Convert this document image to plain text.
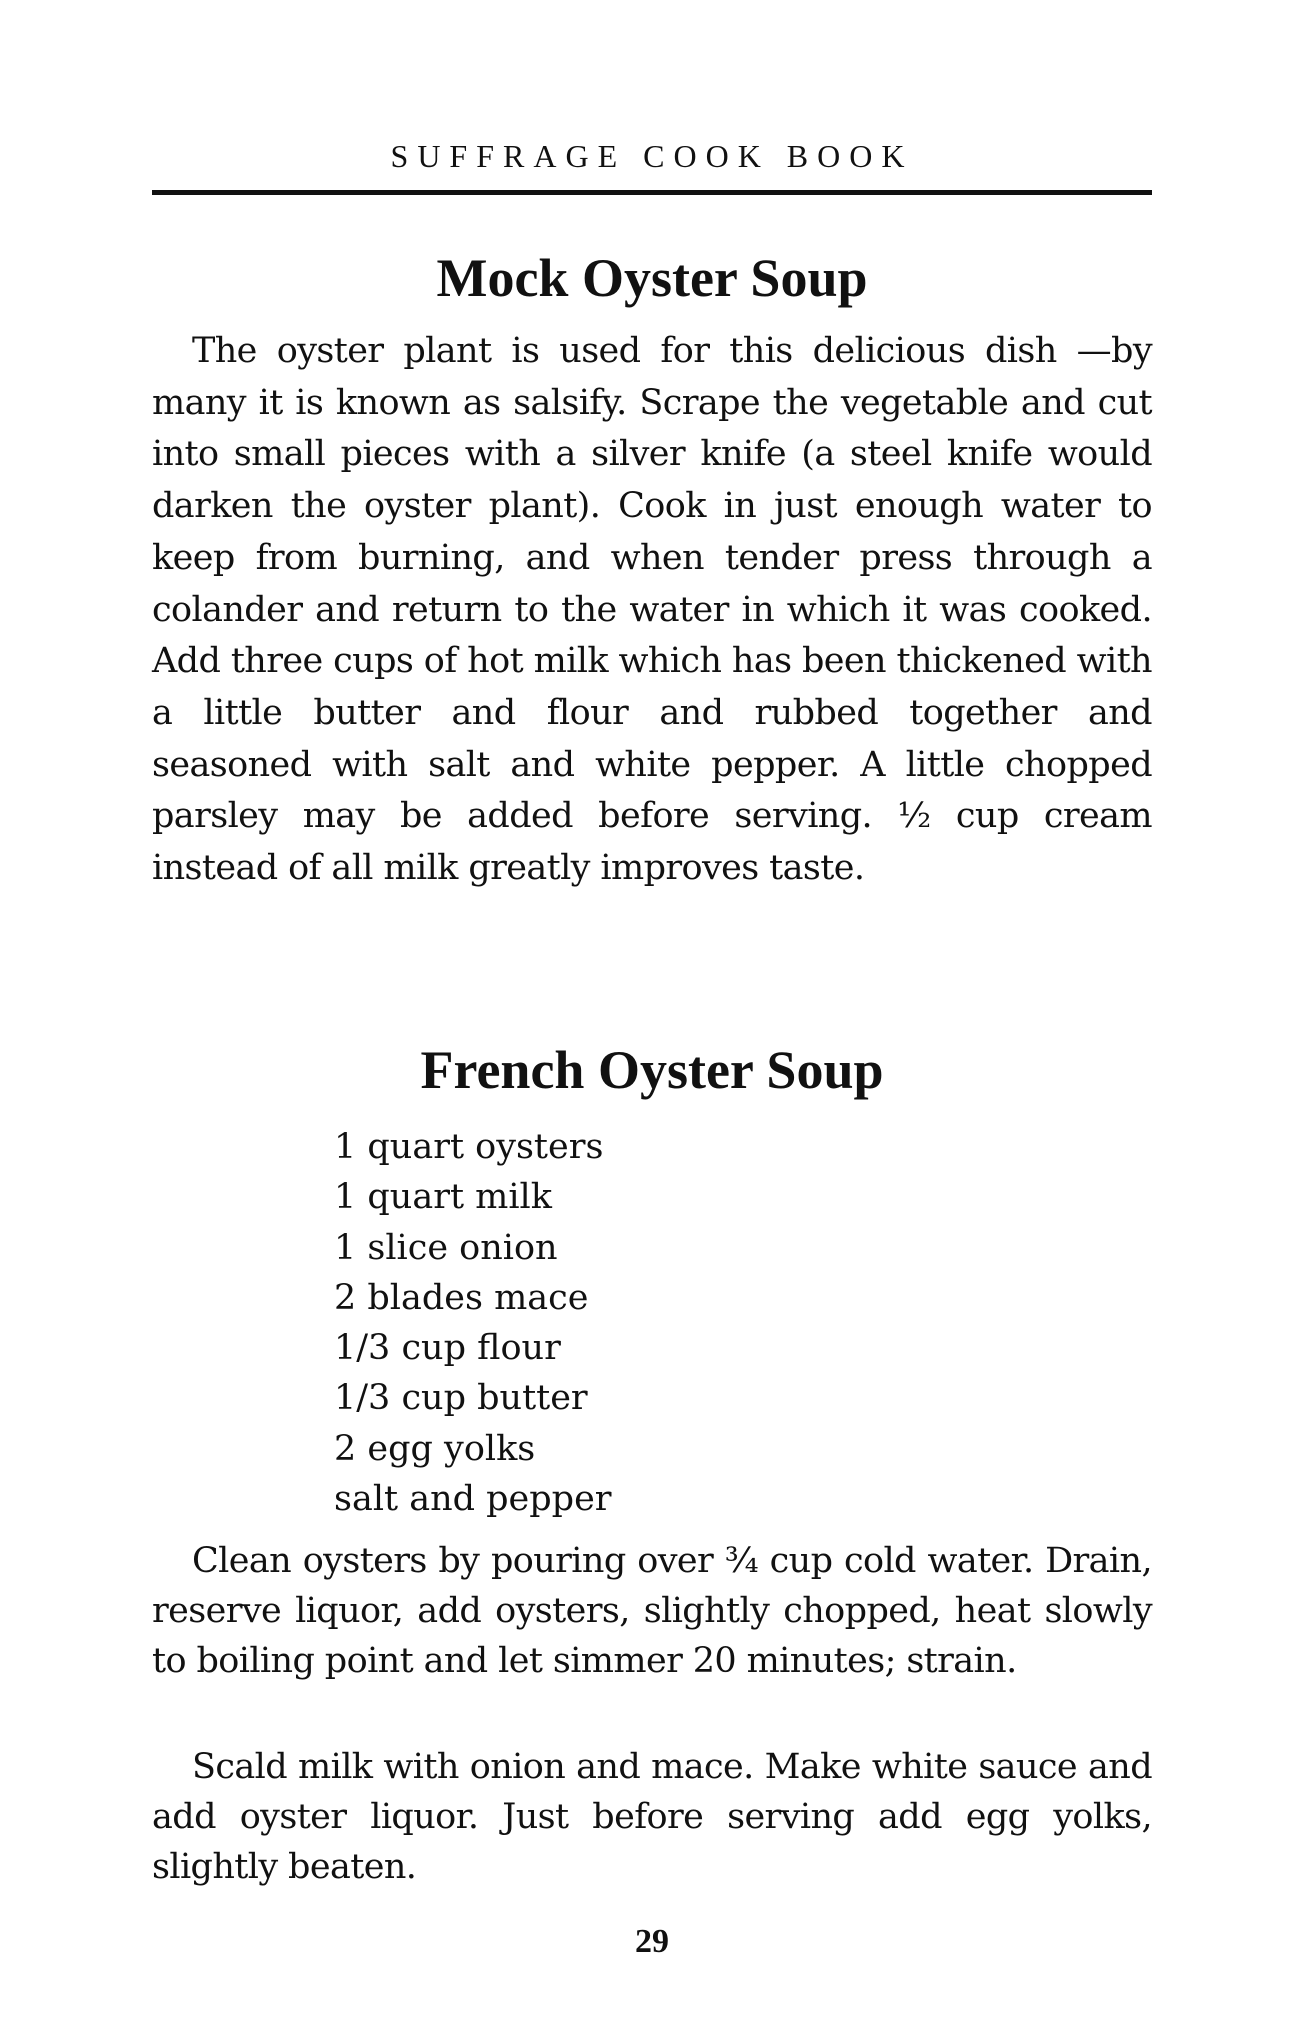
SUFFRAGE COOK BOOK
Mock Oyster Soup

The oyster plant is used for this delicious dish —by many it is known as salsify. Scrape the vegetable and cut into small pieces with a silver knife (a steel knife would darken the oyster plant). Cook in just enough water to keep from burning, and when tender press through a colander and return to the water in which it was cooked. Add three cups of hot milk which has been thickened with a little butter and flour and rubbed together and seasoned with salt and white pepper. A little chopped parsley may be added before serving. ½ cup cream instead of all milk greatly improves taste.

French Oyster Soup
1 quart oysters
1 quart milk
1 slice onion
2 blades mace
1/3 cup flour
1/3 cup butter
2 egg yolks
salt and pepper

Clean oysters by pouring over ¾ cup cold water. Drain, reserve liquor, add oysters, slightly chopped, heat slowly to boiling point and let simmer 20 minutes; strain.

Scald milk with onion and mace. Make white sauce and add oyster liquor. Just before serving add egg yolks, slightly beaten.

29
